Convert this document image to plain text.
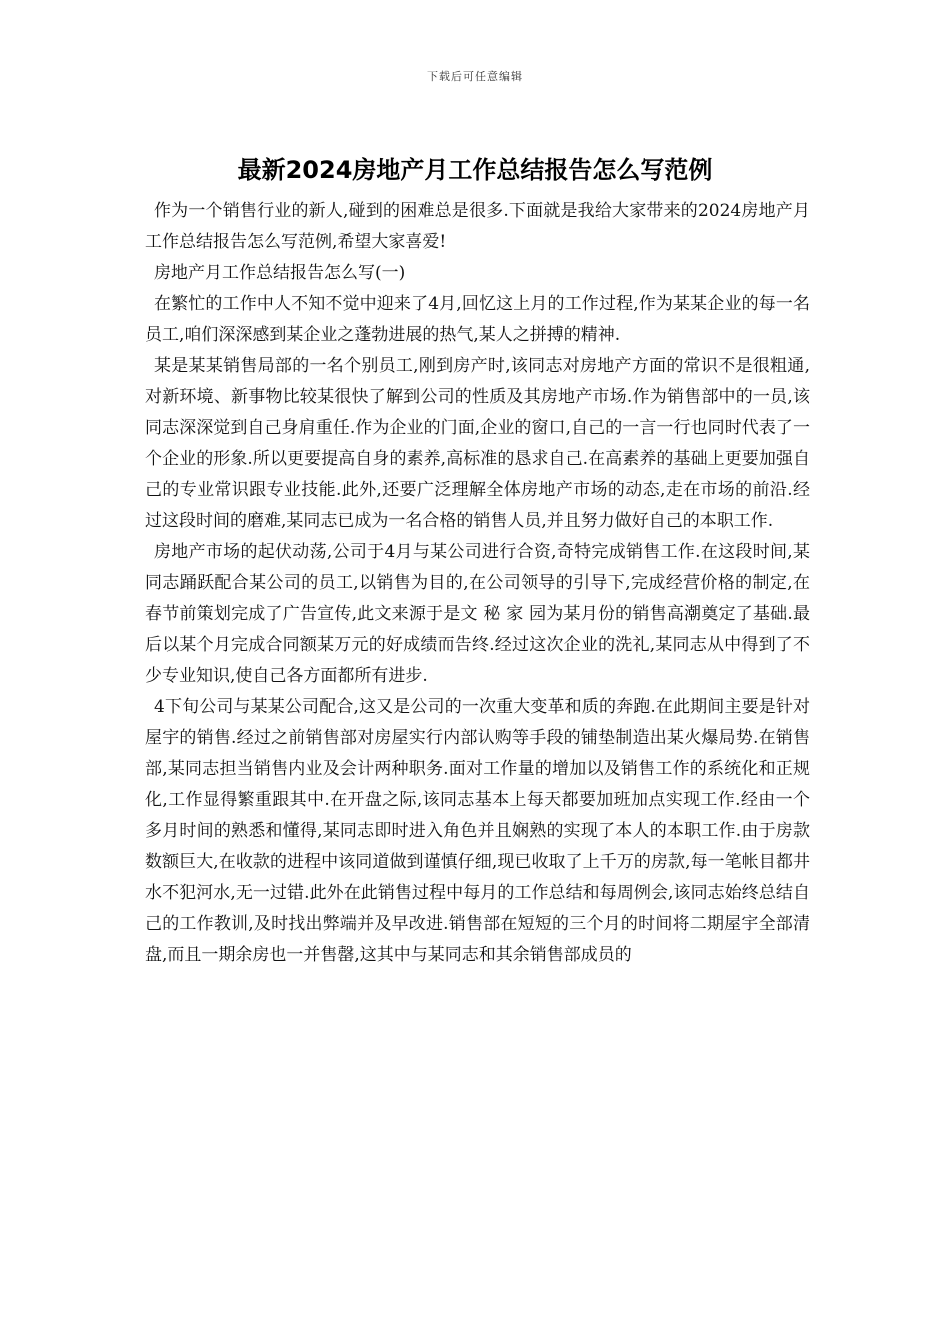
下载后可任意编辑
最新2024房地产月工作总结报告怎么写范例

作为一个销售行业的新人,碰到的困难总是很多.下面就是我给大家带来的2024房地产月工作总结报告怎么写范例,希望大家喜爱!

房地产月工作总结报告怎么写(一)

在繁忙的工作中人不知不觉中迎来了4月,回忆这上月的工作过程,作为某某企业的每一名员工,咱们深深感到某企业之蓬勃进展的热气,某人之拼搏的精神.

某是某某销售局部的一名个别员工,刚到房产时,该同志对房地产方面的常识不是很粗通,对新环境、新事物比较某很快了解到公司的性质及其房地产市场.作为销售部中的一员,该同志深深觉到自己身肩重任.作为企业的门面,企业的窗口,自己的一言一行也同时代表了一个企业的形象.所以更要提高自身的素养,高标准的恳求自己.在高素养的基础上更要加强自己的专业常识跟专业技能.此外,还要广泛理解全体房地产市场的动态,走在市场的前沿.经过这段时间的磨难,某同志已成为一名合格的销售人员,并且努力做好自己的本职工作.

房地产市场的起伏动荡,公司于4月与某公司进行合资,奇特完成销售工作.在这段时间,某同志踊跃配合某公司的员工,以销售为目的,在公司领导的引导下,完成经营价格的制定,在春节前策划完成了广告宣传,此文来源于是文 秘 家 园为某月份的销售高潮奠定了基础.最后以某个月完成合同额某万元的好成绩而告终.经过这次企业的洗礼,某同志从中得到了不少专业知识,使自己各方面都所有进步.

4下旬公司与某某公司配合,这又是公司的一次重大变革和质的奔跑.在此期间主要是针对屋宇的销售.经过之前销售部对房屋实行内部认购等手段的铺垫制造出某火爆局势.在销售部,某同志担当销售内业及会计两种职务.面对工作量的增加以及销售工作的系统化和正规化,工作显得繁重跟其中.在开盘之际,该同志基本上每天都要加班加点实现工作.经由一个多月时间的熟悉和懂得,某同志即时进入角色并且娴熟的实现了本人的本职工作.由于房款数额巨大,在收款的进程中该同道做到谨慎仔细,现已收取了上千万的房款,每一笔帐目都井水不犯河水,无一过错.此外在此销售过程中每月的工作总结和每周例会,该同志始终总结自己的工作教训,及时找出弊端并及早改进.销售部在短短的三个月的时间将二期屋宇全部清盘,而且一期余房也一并售罄,这其中与某同志和其余销售部成员的
